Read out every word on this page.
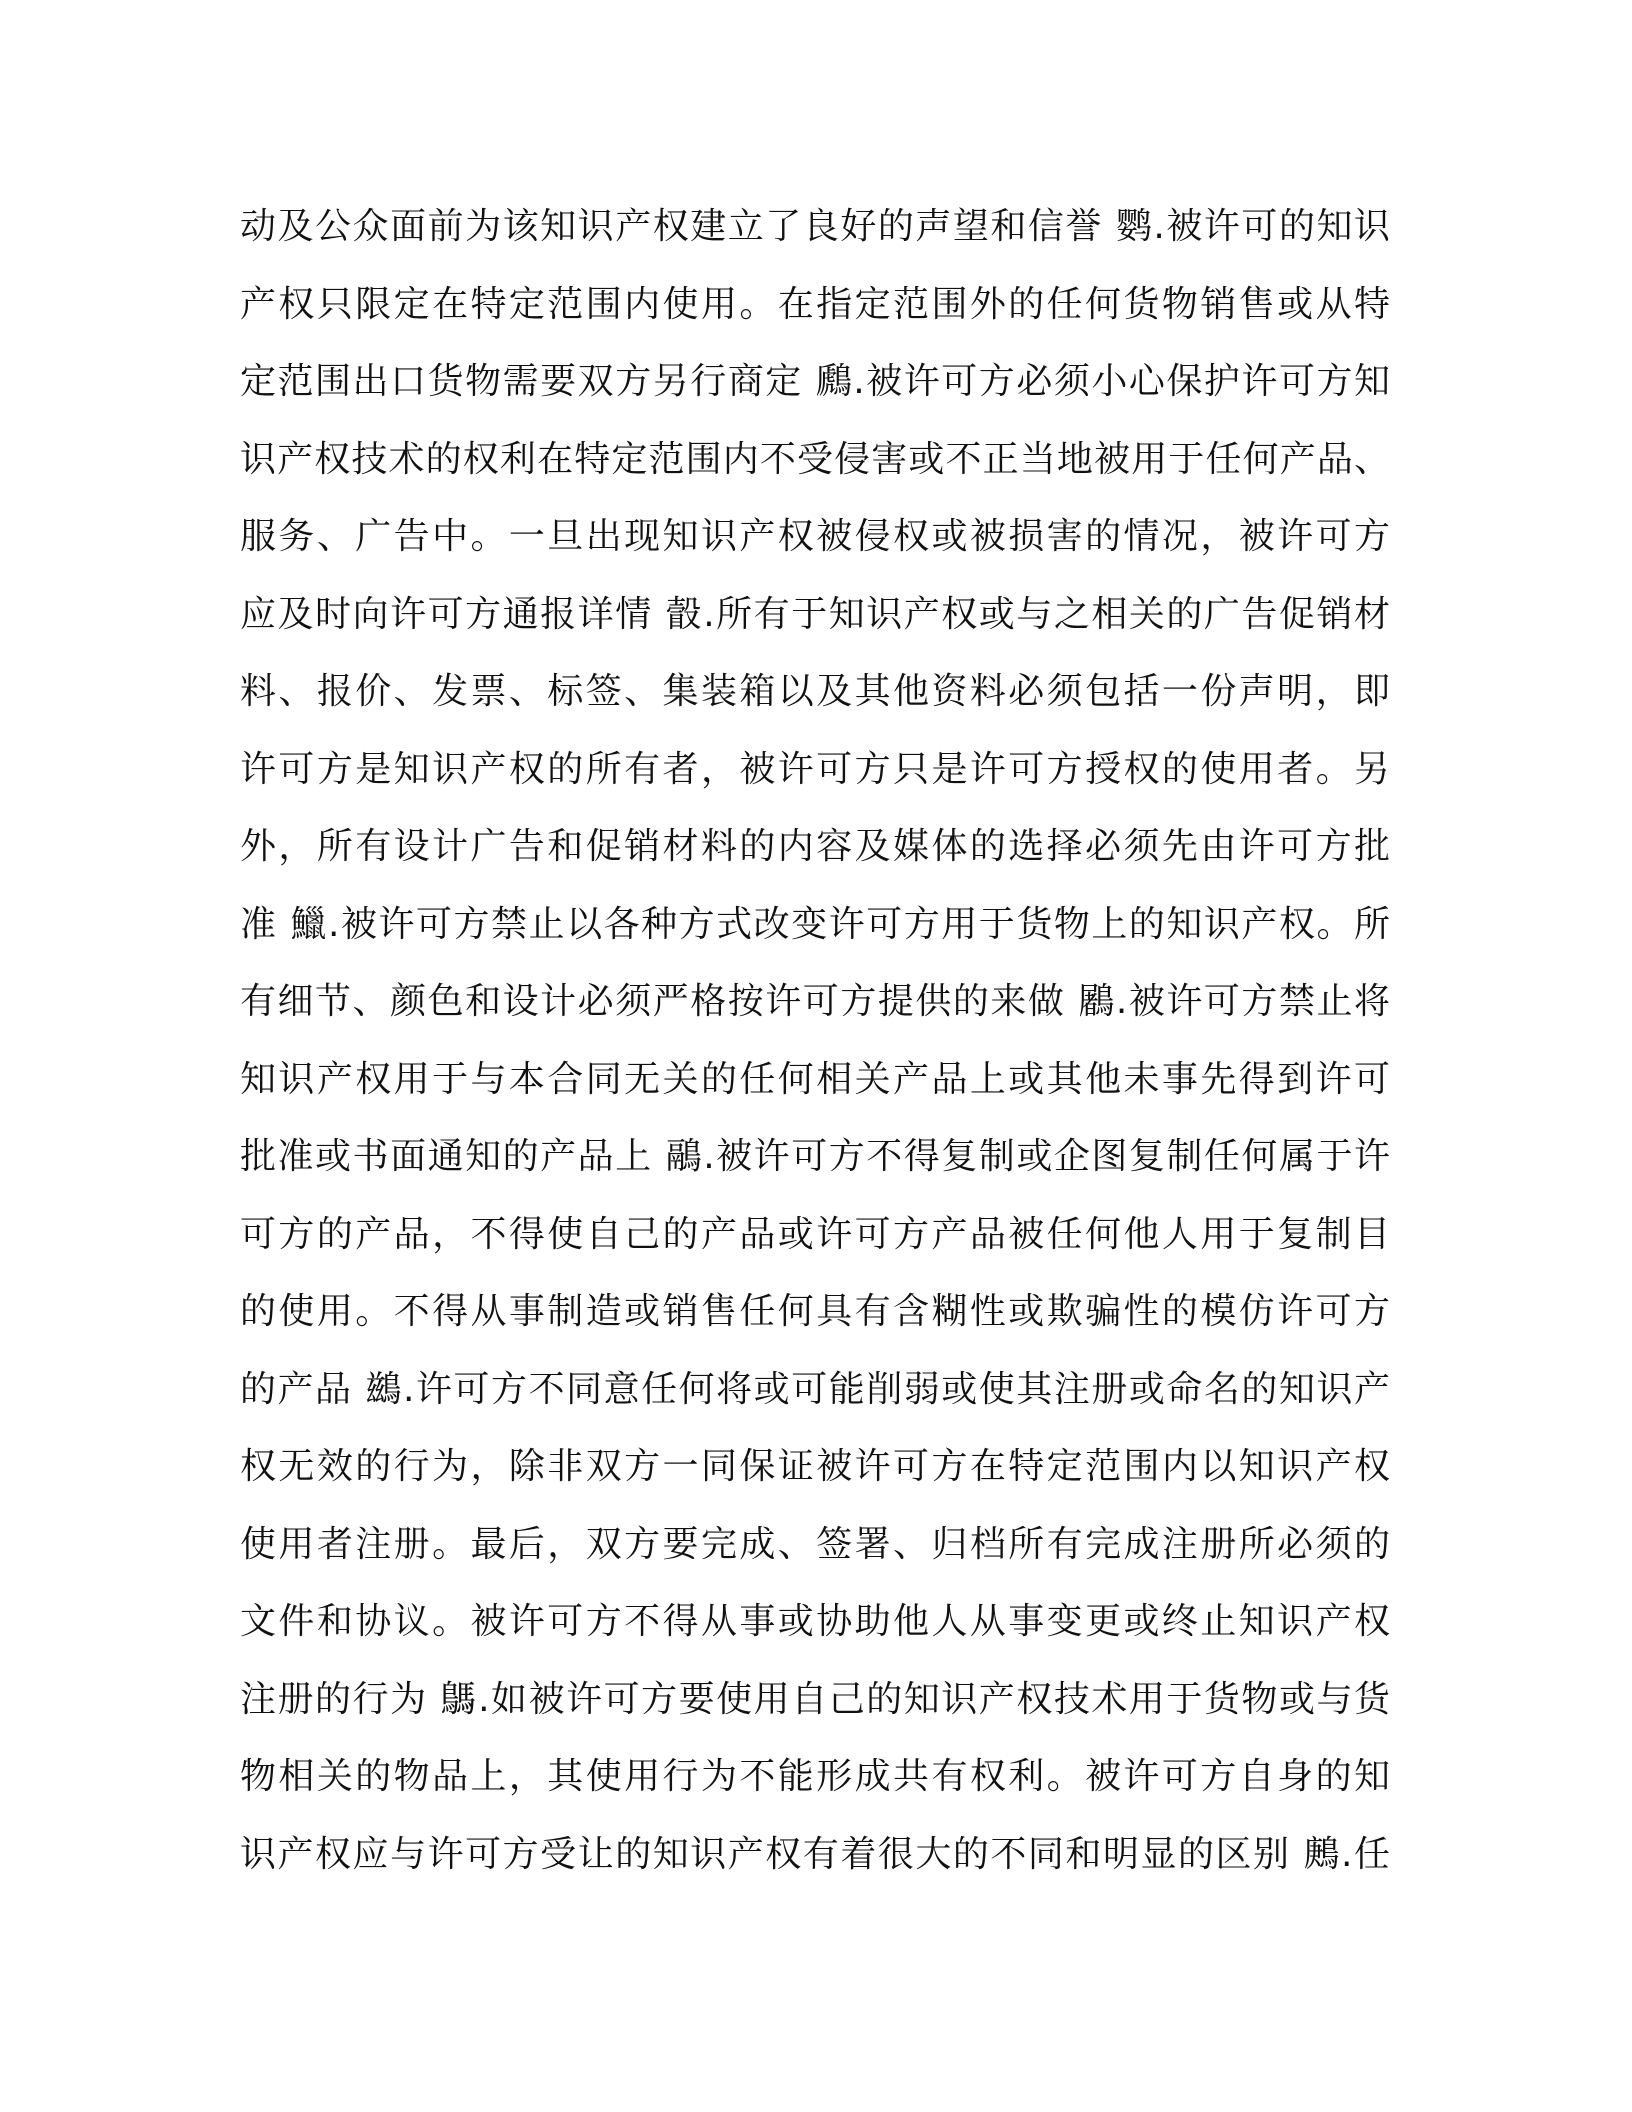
动及公众面前为该知识产权建立了良好的声望和信誉 鹦.被许可的知识
产权只限定在特定范围内使用。在指定范围外的任何货物销售或从特
定范围出口货物需要双方另行商定 鷉.被许可方必须小心保护许可方知
识产权技术的权利在特定范围内不受侵害或不正当地被用于任何产品、
服务、广告中。一旦出现知识产权被侵权或被损害的情况，被许可方
应及时向许可方通报详情 瞉.所有于知识产权或与之相关的广告促销材
料、报价、发票、标签、集装箱以及其他资料必须包括一份声明，即
许可方是知识产权的所有者，被许可方只是许可方授权的使用者。另
外，所有设计广告和促销材料的内容及媒体的选择必须先由许可方批
准 鱲.被许可方禁止以各种方式改变许可方用于货物上的知识产权。所
有细节、颜色和设计必须严格按许可方提供的来做 鷵.被许可方禁止将
知识产权用于与本合同无关的任何相关产品上或其他未事先得到许可
批准或书面通知的产品上 鷊.被许可方不得复制或企图复制任何属于许
可方的产品，不得使自己的产品或许可方产品被任何他人用于复制目
的使用。不得从事制造或销售任何具有含糊性或欺骗性的模仿许可方
的产品 鷀.许可方不同意任何将或可能削弱或使其注册或命名的知识产
权无效的行为，除非双方一同保证被许可方在特定范围内以知识产权
使用者注册。最后，双方要完成、签署、归档所有完成注册所必须的
文件和协议。被许可方不得从事或协助他人从事变更或终止知识产权
注册的行为 鷌.如被许可方要使用自己的知识产权技术用于货物或与货
物相关的物品上，其使用行为不能形成共有权利。被许可方自身的知
识产权应与许可方受让的知识产权有着很大的不同和明显的区别 鶊.任
